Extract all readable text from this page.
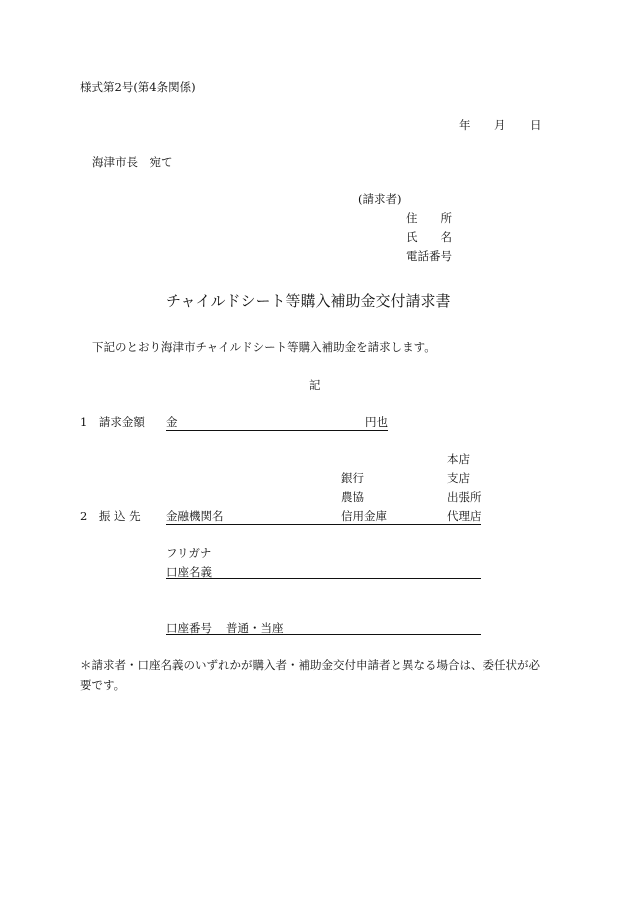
様式第2号(第4条関係)
年 月 日
海津市長　宛て
(請求者)
住　　所
氏　　名
電話番号
チャイルドシート等購入補助金交付請求書
下記のとおり海津市チャイルドシート等購入補助金を請求します。
記
1　請求金額 金	円也
本店
銀行	支店
農協	出張所
2　振 込 先 金融機関名	信用金庫	代理店
フリガナ
口座名義
口座番号 普通・当座
＊請求者・口座名義のいずれかが購入者・補助金交付申請者と異なる場合は、委任状が必
要です。
